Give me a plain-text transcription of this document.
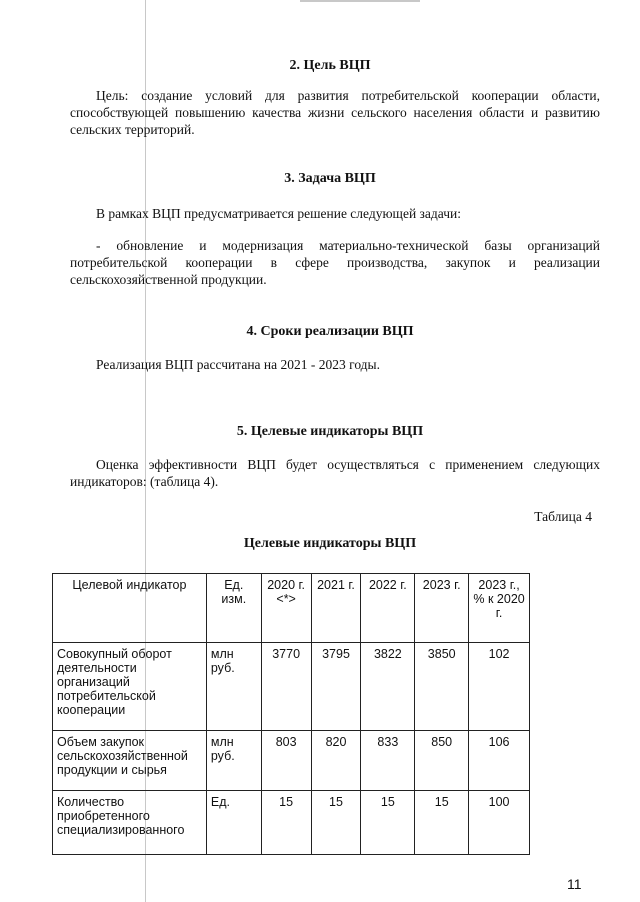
2. Цель ВЦП
Цель: создание условий для развития потребительской кооперации области, способствующей повышению качества жизни сельского населения области и развитию сельских территорий.
3. Задача ВЦП
В рамках ВЦП предусматривается решение следующей задачи:
- обновление и модернизация материально-технической базы организаций потребительской кооперации в сфере производства, закупок и реализации сельскохозяйственной продукции.
4. Сроки реализации ВЦП
Реализация ВЦП рассчитана на 2021 - 2023 годы.
5. Целевые индикаторы ВЦП
Оценка эффективности ВЦП будет осуществляться с применением следующих индикаторов: (таблица 4).
Таблица 4
Целевые индикаторы ВЦП
Целевой индикатор	Ед. изм.	2020 г. <*>	2021 г.	2022 г.	2023 г.	2023 г., % к 2020 г.
Совокупный оборот деятельности организаций потребительской кооперации	млн руб.	3770	3795	3822	3850	102
Объем закупок сельскохозяйственной продукции и сырья	млн руб.	803	820	833	850	106
Количество приобретенного специализированного	Ед.	15	15	15	15	100
11
